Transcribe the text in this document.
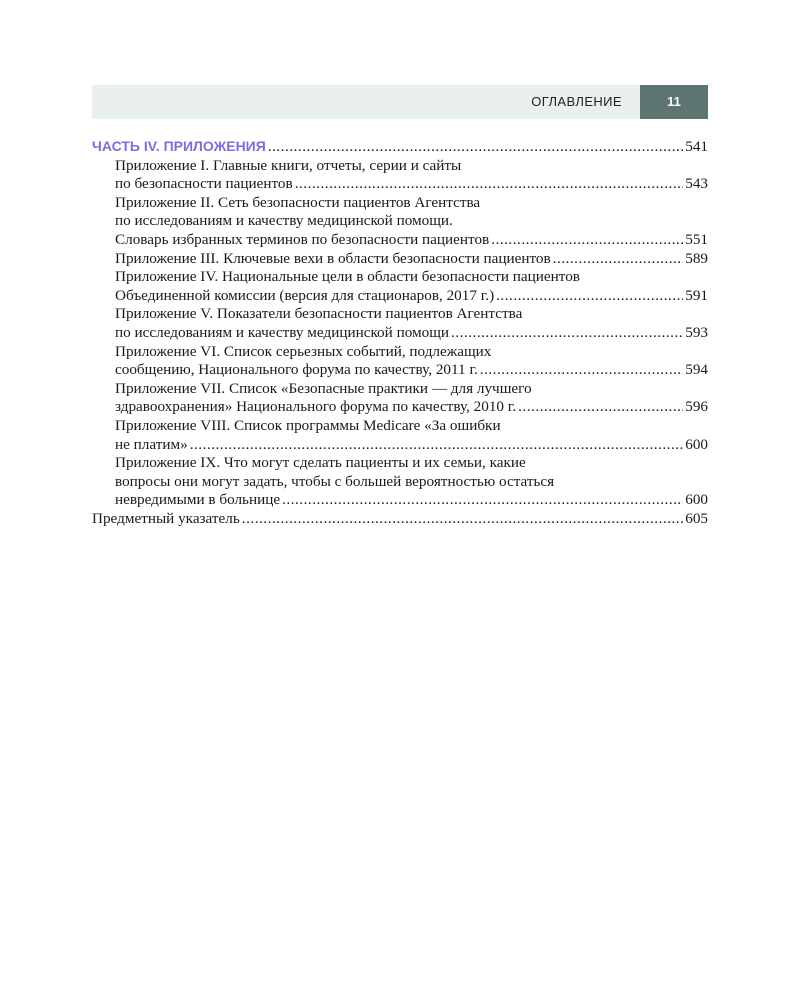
ОГЛАВЛЕНИЕ	11
ЧАСТЬ IV. ПРИЛОЖЕНИЯ .....	541
Приложение I. Главные книги, отчеты, серии и сайты
по безопасности пациентов .....	543
Приложение II. Сеть безопасности пациентов Агентства
по исследованиям и качеству медицинской помощи.
Словарь избранных терминов по безопасности пациентов .....	551
Приложение III. Ключевые вехи в области безопасности пациентов .....	589
Приложение IV. Национальные цели в области безопасности пациентов
Объединенной комиссии (версия для стационаров, 2017 г.) .....	591
Приложение V. Показатели безопасности пациентов Агентства
по исследованиям и качеству медицинской помощи .....	593
Приложение VI. Список серьезных событий, подлежащих
сообщению, Национального форума по качеству, 2011 г. .....	594
Приложение VII. Список «Безопасные практики — для лучшего
здравоохранения» Национального форума по качеству, 2010 г. .....	596
Приложение VIII. Список программы Medicare «За ошибки
не платим» .....	600
Приложение IX. Что могут сделать пациенты и их семьи, какие
вопросы они могут задать, чтобы с большей вероятностью остаться
невредимыми в больнице .....	600
Предметный указатель .....	605
